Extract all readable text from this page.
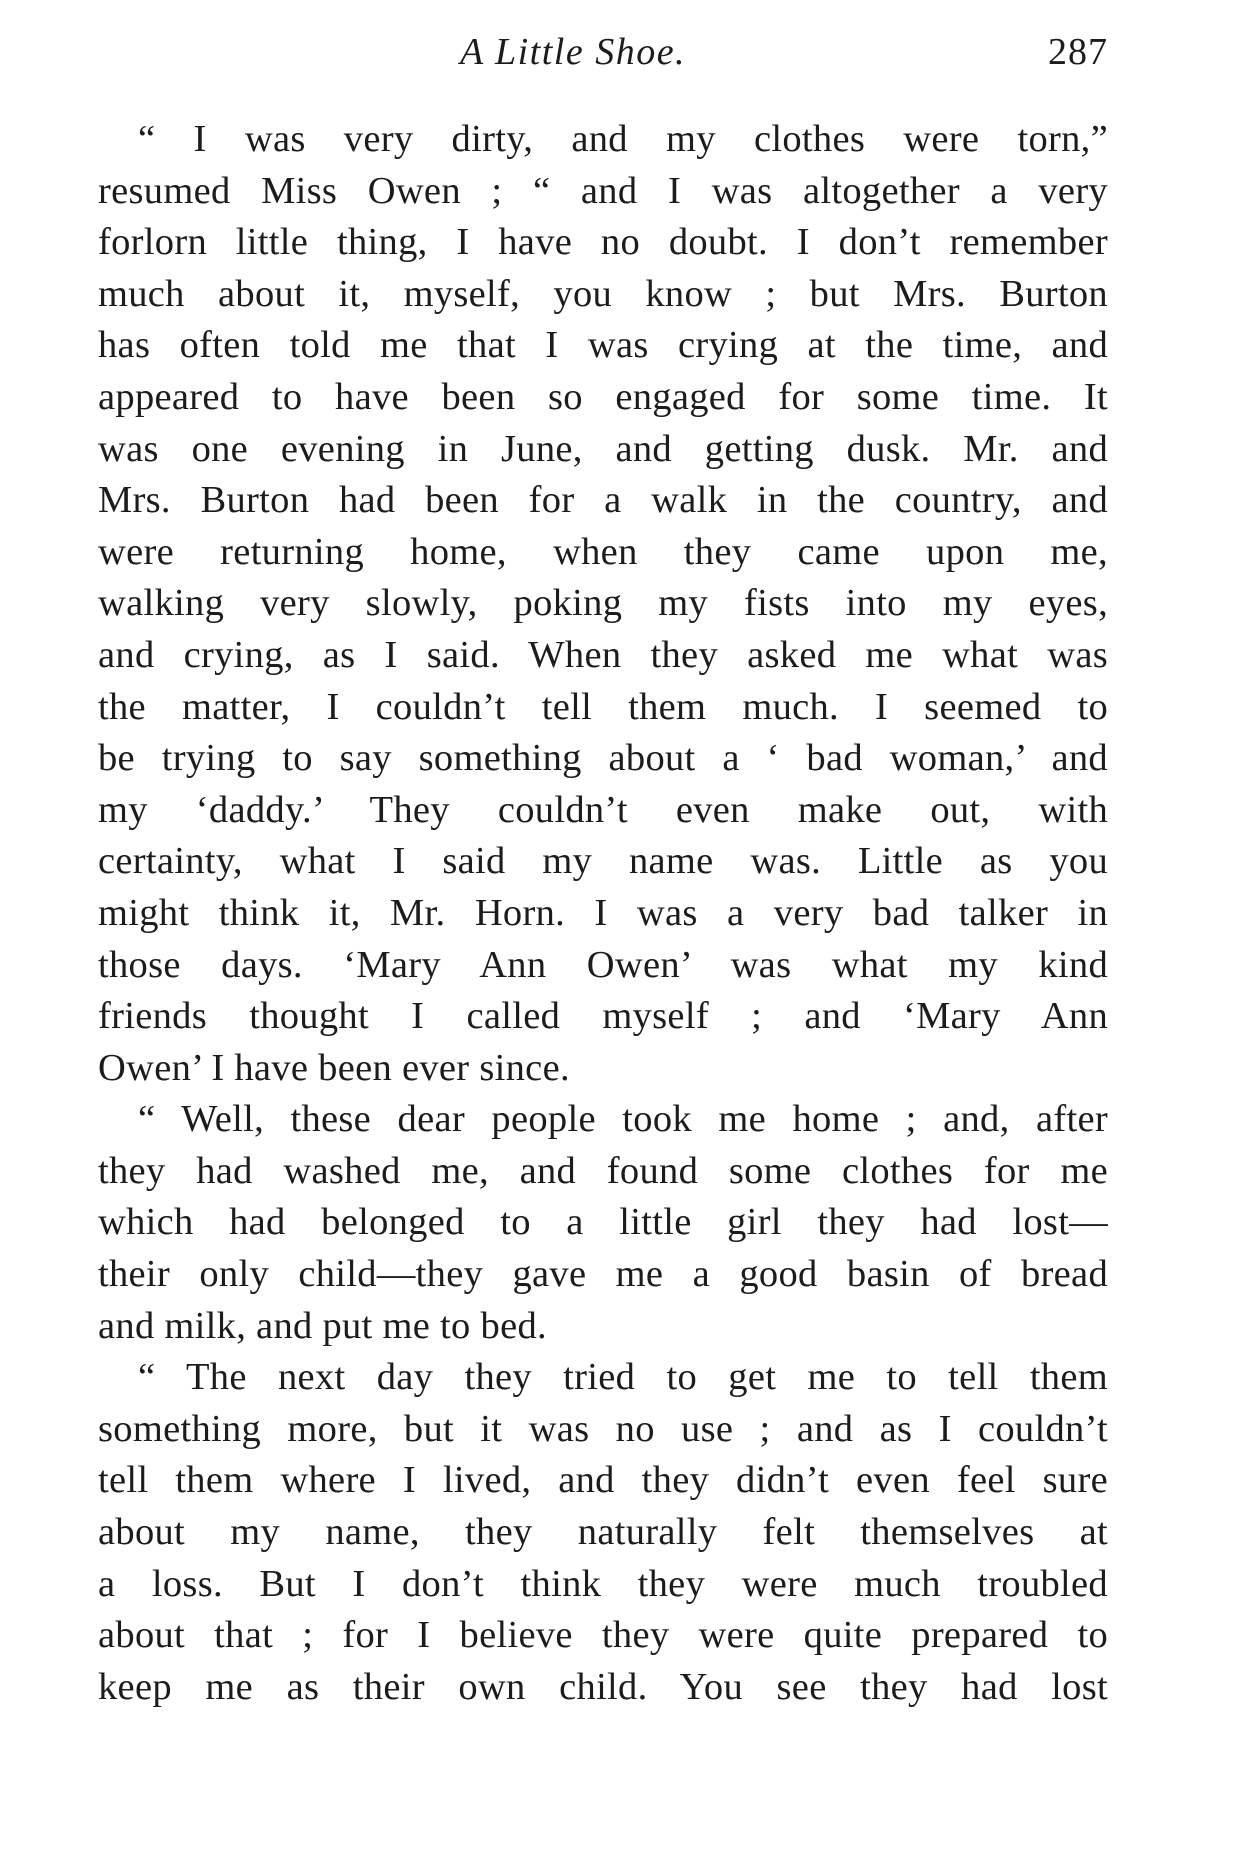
A Little Shoe.	287
“ I was very dirty, and my clothes were torn,”
resumed Miss Owen ; “ and I was altogether a very
forlorn little thing, I have no doubt. I don’t remember
much about it, myself, you know ; but Mrs. Burton
has often told me that I was crying at the time, and
appeared to have been so engaged for some time. It
was one evening in June, and getting dusk. Mr. and
Mrs. Burton had been for a walk in the country, and
were returning home, when they came upon me,
walking very slowly, poking my fists into my eyes,
and crying, as I said. When they asked me what was
the matter, I couldn’t tell them much. I seemed to
be trying to say something about a ‘ bad woman,’ and
my ‘daddy.’ They couldn’t even make out, with
certainty, what I said my name was. Little as you
might think it, Mr. Horn. I was a very bad talker in
those days. ‘Mary Ann Owen’ was what my kind
friends thought I called myself ; and ‘Mary Ann
Owen’ I have been ever since.
“ Well, these dear people took me home ; and, after
they had washed me, and found some clothes for me
which had belonged to a little girl they had lost—
their only child—they gave me a good basin of bread
and milk, and put me to bed.
“ The next day they tried to get me to tell them
something more, but it was no use ; and as I couldn’t
tell them where I lived, and they didn’t even feel sure
about my name, they naturally felt themselves at
a loss. But I don’t think they were much troubled
about that ; for I believe they were quite prepared to
keep me as their own child. You see they had lost
